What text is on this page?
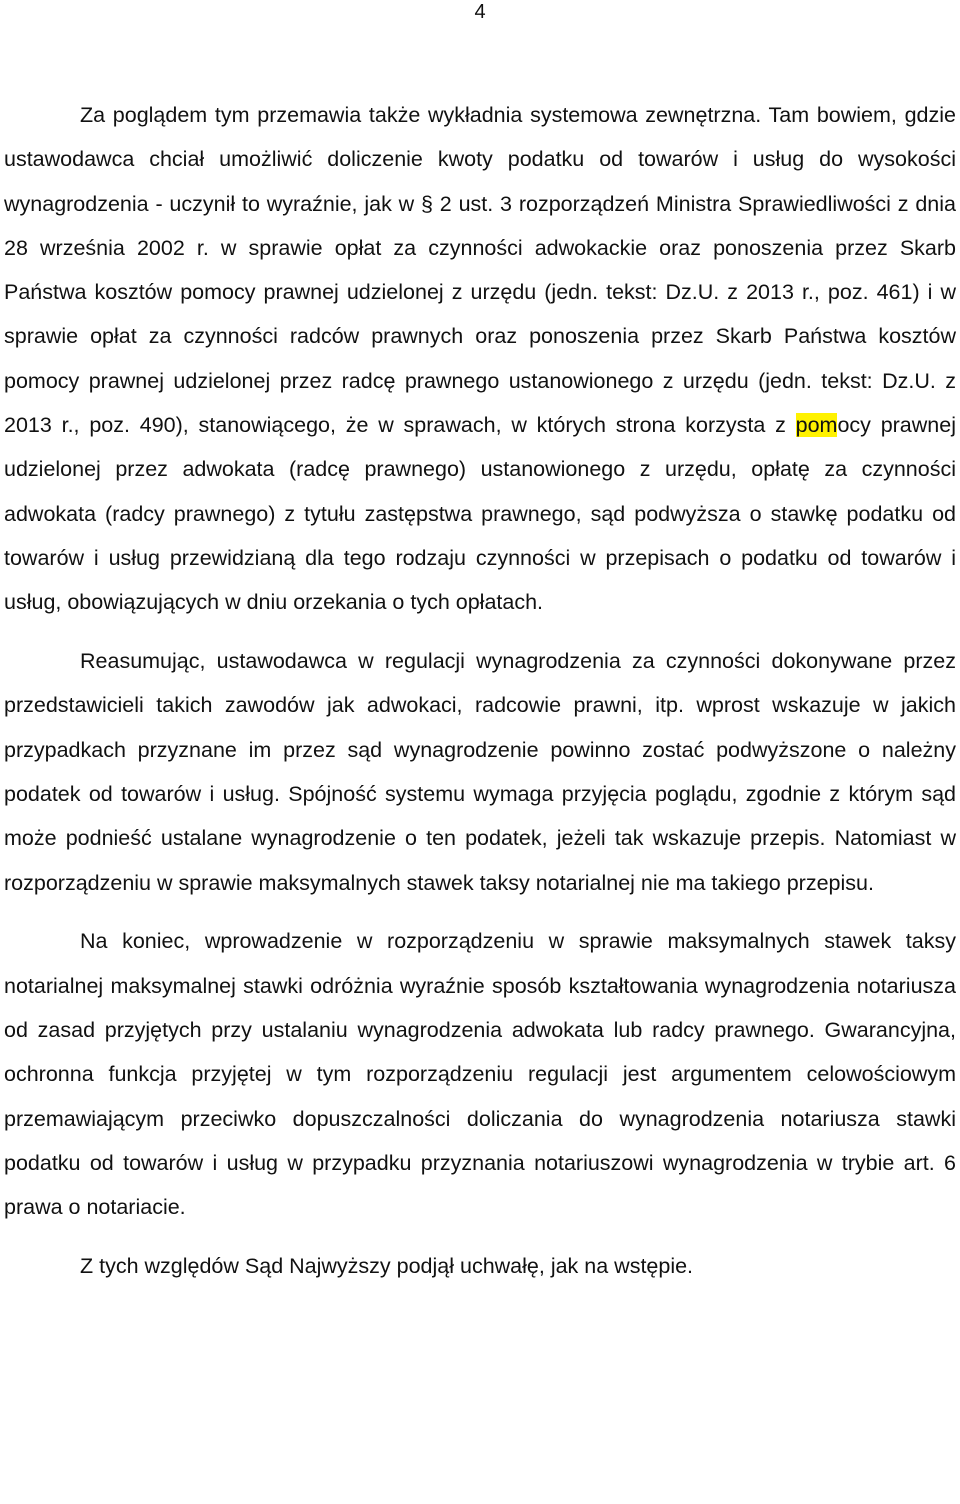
4

Za poglądem tym przemawia także wykładnia systemowa zewnętrzna. Tam bowiem, gdzie ustawodawca chciał umożliwić doliczenie kwoty podatku od towarów i usług do wysokości wynagrodzenia - uczynił to wyraźnie, jak w § 2 ust. 3 rozporządzeń Ministra Sprawiedliwości z dnia 28 września 2002 r. w sprawie opłat za czynności adwokackie oraz ponoszenia przez Skarb Państwa kosztów pomocy prawnej udzielonej z urzędu (jedn. tekst: Dz.U. z 2013 r., poz. 461) i w sprawie opłat za czynności radców prawnych oraz ponoszenia przez Skarb Państwa kosztów pomocy prawnej udzielonej przez radcę prawnego ustanowionego z urzędu (jedn. tekst: Dz.U. z 2013 r., poz. 490), stanowiącego, że w sprawach, w których strona korzysta z pomocy prawnej udzielonej przez adwokata (radcę prawnego) ustanowionego z urzędu, opłatę za czynności adwokata (radcy prawnego) z tytułu zastępstwa prawnego, sąd podwyższa o stawkę podatku od towarów i usług przewidzianą dla tego rodzaju czynności w przepisach o podatku od towarów i usług, obowiązujących w dniu orzekania o tych opłatach.

Reasumując, ustawodawca w regulacji wynagrodzenia za czynności dokonywane przez przedstawicieli takich zawodów jak adwokaci, radcowie prawni, itp. wprost wskazuje w jakich przypadkach przyznane im przez sąd wynagrodzenie powinno zostać podwyższone o należny podatek od towarów i usług. Spójność systemu wymaga przyjęcia poglądu, zgodnie z którym sąd może podnieść ustalane wynagrodzenie o ten podatek, jeżeli tak wskazuje przepis. Natomiast w rozporządzeniu w sprawie maksymalnych stawek taksy notarialnej nie ma takiego przepisu.

Na koniec, wprowadzenie w rozporządzeniu w sprawie maksymalnych stawek taksy notarialnej maksymalnej stawki odróżnia wyraźnie sposób kształtowania wynagrodzenia notariusza od zasad przyjętych przy ustalaniu wynagrodzenia adwokata lub radcy prawnego. Gwarancyjna, ochronna funkcja przyjętej w tym rozporządzeniu regulacji jest argumentem celowościowym przemawiającym przeciwko dopuszczalności doliczania do wynagrodzenia notariusza stawki podatku od towarów i usług w przypadku przyznania notariuszowi wynagrodzenia w trybie art. 6 prawa o notariacie.

Z tych względów Sąd Najwyższy podjął uchwałę, jak na wstępie.
